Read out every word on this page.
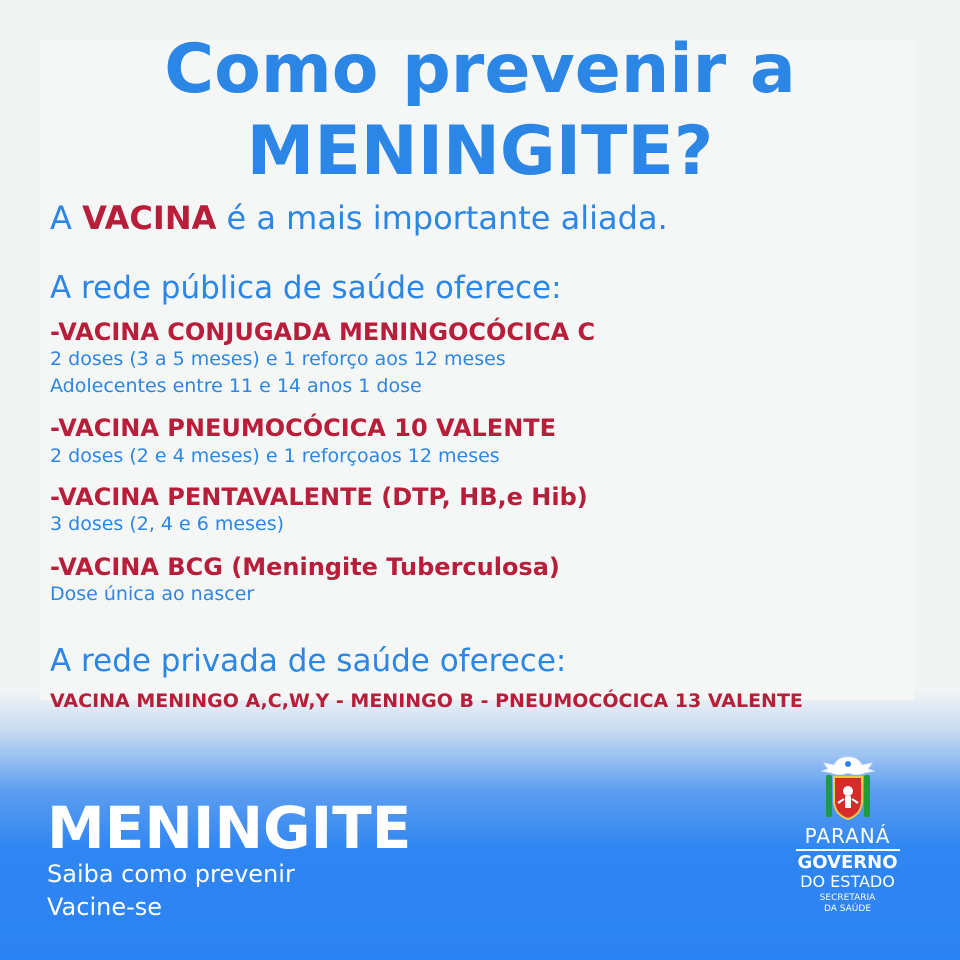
Como prevenir a
MENINGITE?

A VACINA é a mais importante aliada.

A rede pública de saúde oferece:

-VACINA CONJUGADA MENINGOCÓCICA C

2 doses (3 a 5 meses) e 1 reforço aos 12 meses

Adolecentes entre 11 e 14 anos 1 dose

-VACINA PNEUMOCÓCICA 10 VALENTE

2 doses (2 e 4 meses) e 1 reforçoaos 12 meses

-VACINA PENTAVALENTE (DTP, HB,e Hib)

3 doses (2, 4 e 6 meses)

-VACINA BCG (Meningite Tuberculosa)

Dose única ao nascer

A rede privada de saúde oferece:

VACINA MENINGO A,C,W,Y - MENINGO B - PNEUMOCÓCICA 13 VALENTE

MENINGITE

Saiba como prevenir

Vacine-se

PARANÁ
GOVERNO
DO ESTADO
SECRETARIA
DA SAÚDE
